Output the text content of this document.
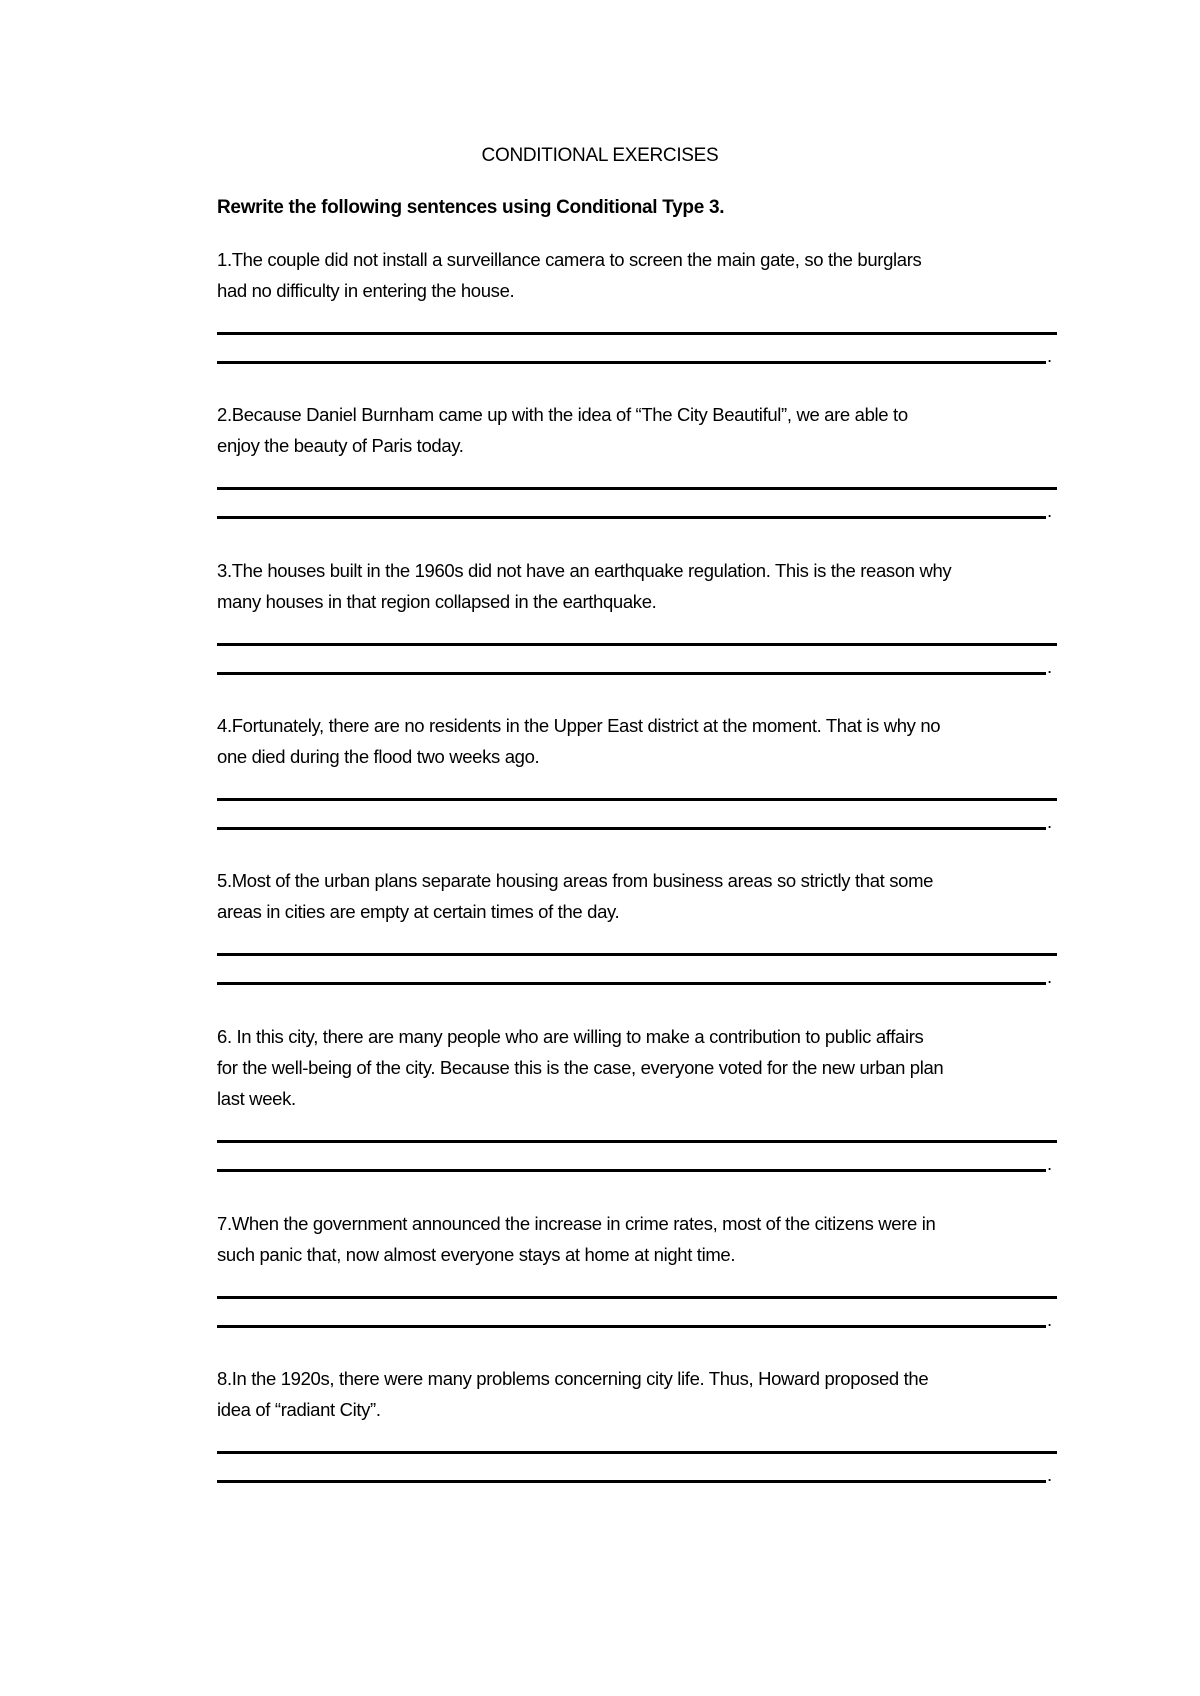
CONDITIONAL EXERCISES
Rewrite the following sentences using Conditional Type 3.

1.The couple did not install a surveillance camera to screen the main gate, so the burglars
had no difficulty in entering the house.

.

2.Because Daniel Burnham came up with the idea of “The City Beautiful”, we are able to
enjoy the beauty of Paris today.

.

3.The houses built in the 1960s did not have an earthquake regulation. This is the reason why
many houses in that region collapsed in the earthquake.

.

4.Fortunately, there are no residents in the Upper East district at the moment. That is why no
one died during the flood two weeks ago.

.

5.Most of the urban plans separate housing areas from business areas so strictly that some
areas in cities are empty at certain times of the day.

.

6. In this city, there are many people who are willing to make a contribution to public affairs
for the well-being of the city. Because this is the case, everyone voted for the new urban plan
last week.

.

7.When the government announced the increase in crime rates, most of the citizens were in
such panic that, now almost everyone stays at home at night time.

.

8.In the 1920s, there were many problems concerning city life. Thus, Howard proposed the
idea of “radiant City”.

.
